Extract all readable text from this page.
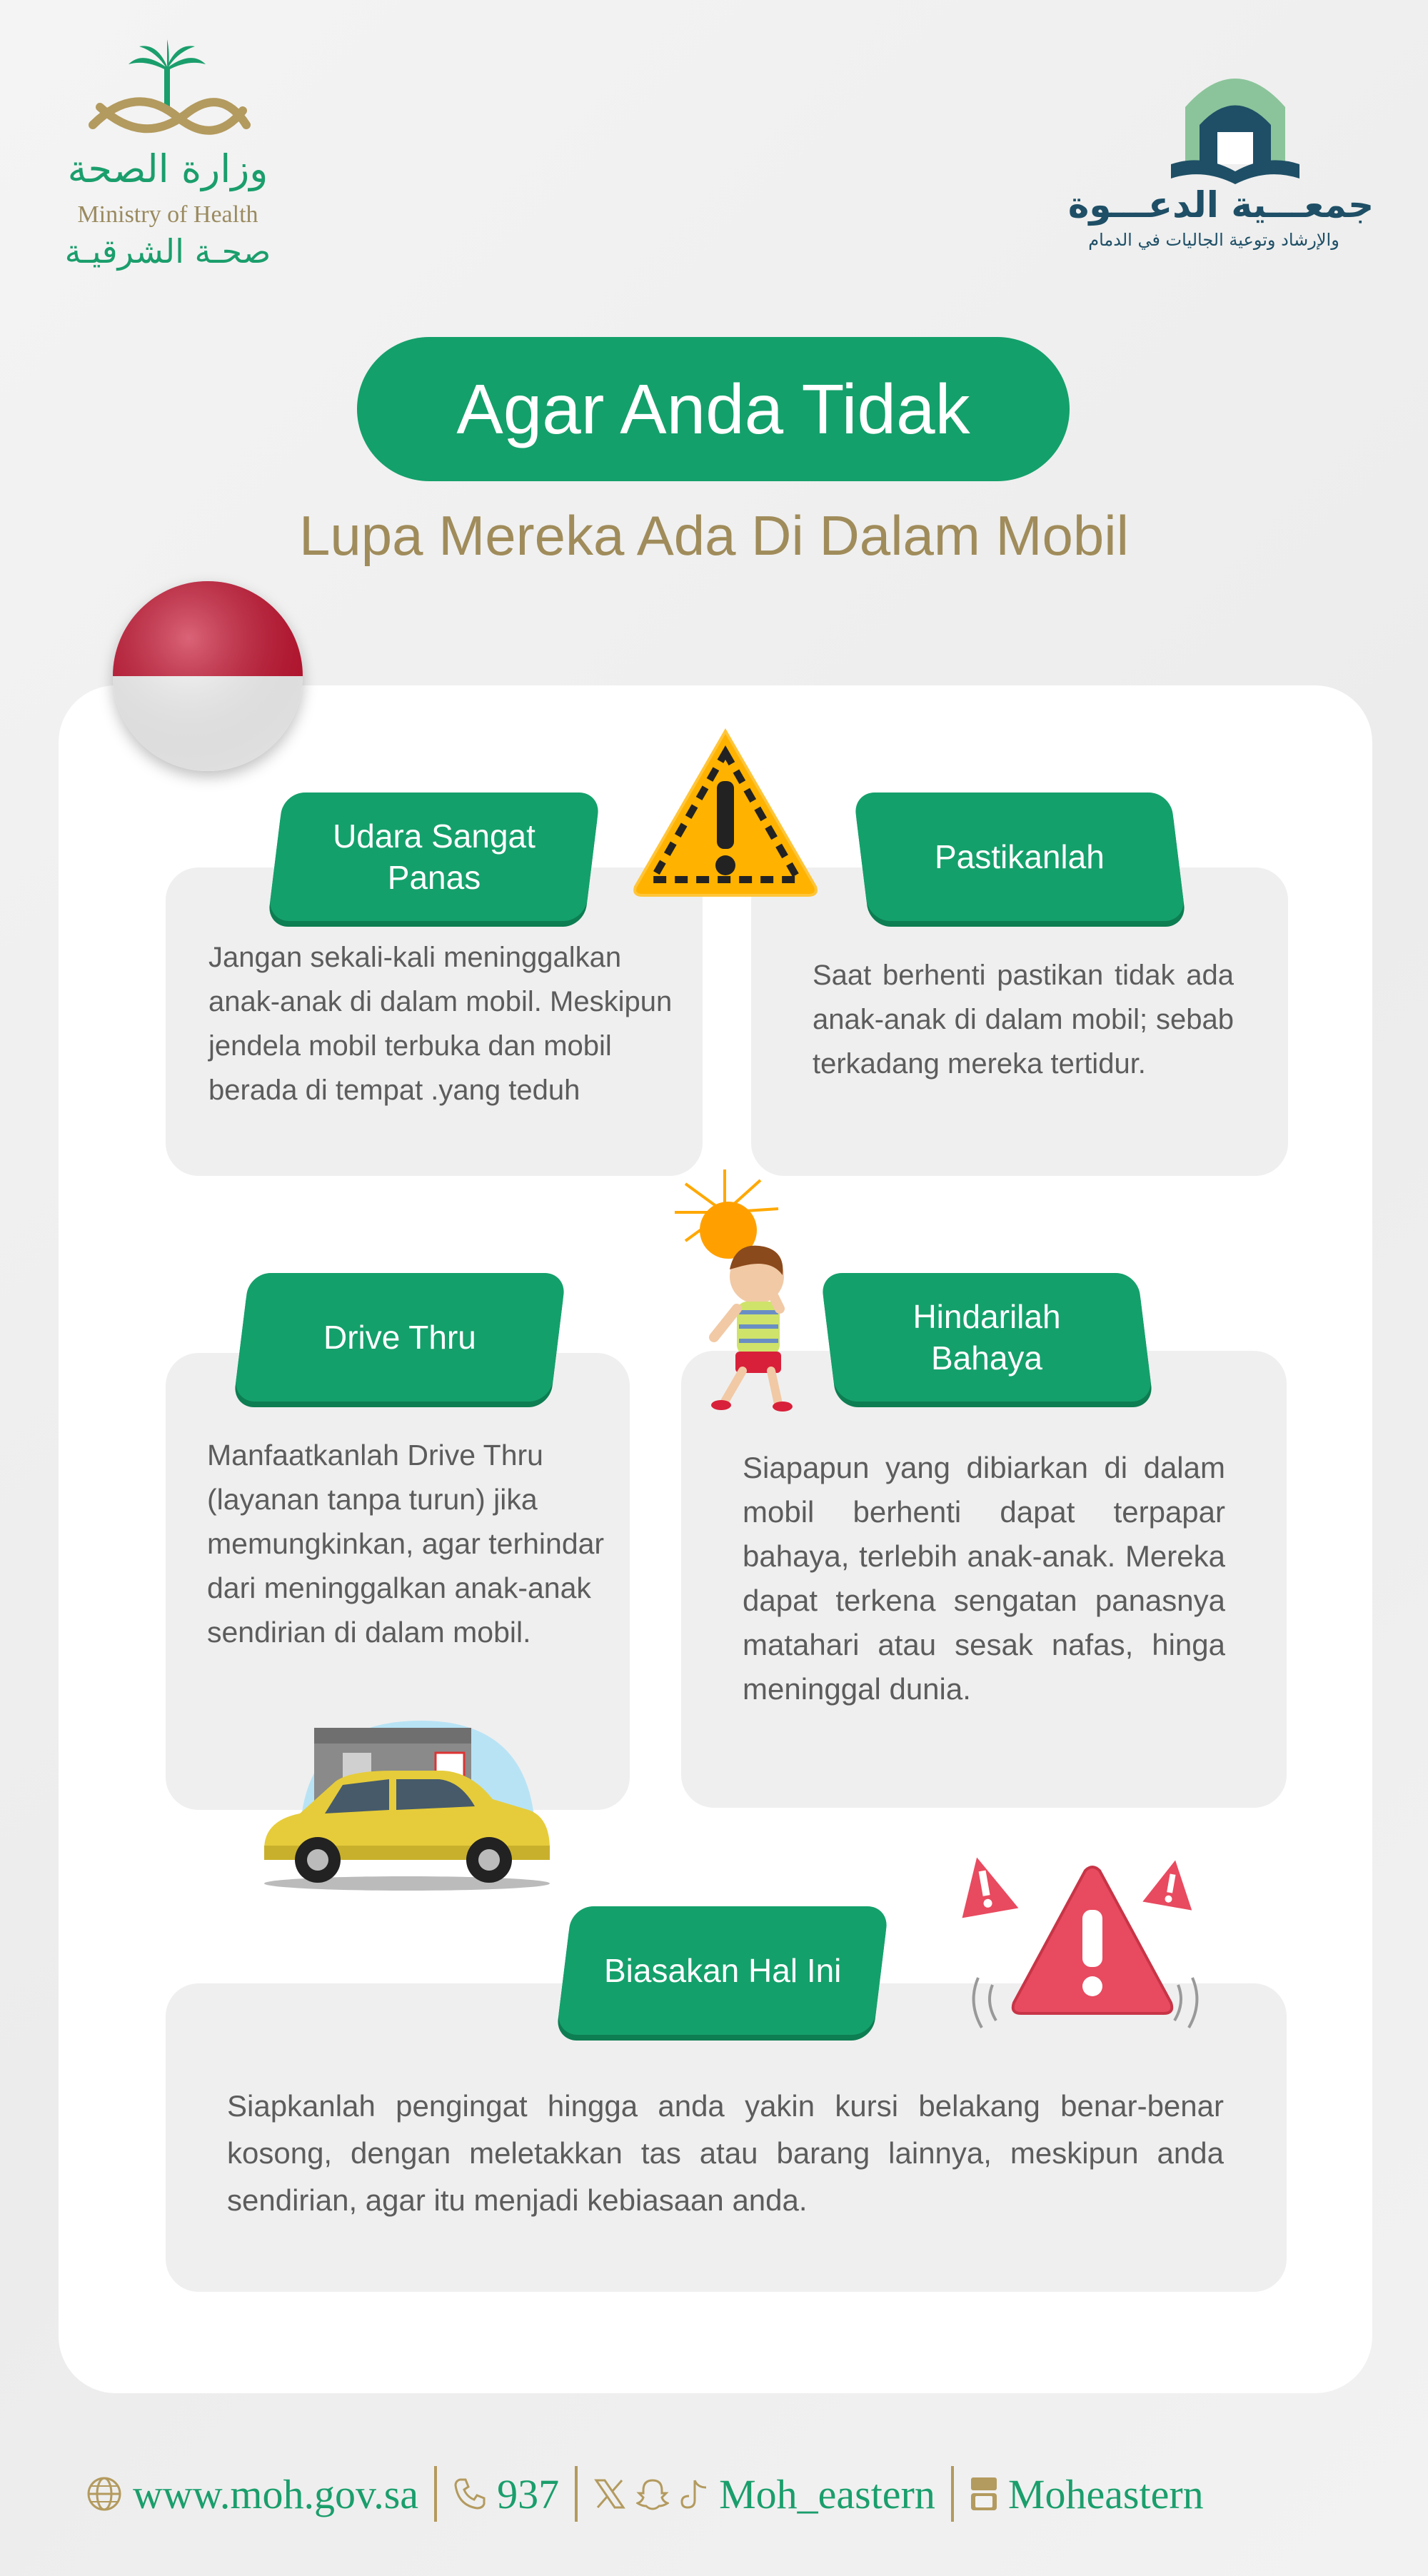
وزارة الصحة
Ministry of Health
صحـة الشرقيـة
جمعـــية الدعـــوة
والإرشاد وتوعية الجاليات في الدمام
Agar Anda Tidak
Lupa Mereka Ada Di Dalam Mobil
Udara Sangat Panas
Pastikanlah
Drive Thru
Hindarilah Bahaya
Biasakan Hal Ini
Jangan sekali-kali meninggalkan anak-anak di dalam mobil. Meskipun jendela mobil terbuka dan mobil berada di tempat .yang teduh
Saat berhenti pastikan tidak ada anak-anak di dalam mobil; sebab terkadang mereka tertidur.
Manfaatkanlah Drive Thru (layanan tanpa turun) jika memungkinkan, agar terhindar dari meninggalkan anak-anak sendirian di dalam mobil.
Siapapun yang dibiarkan di dalam mobil berhenti dapat terpapar bahaya, terlebih anak-anak. Mereka dapat terkena sengatan panasnya matahari atau sesak nafas, hinga meninggal dunia.
Siapkanlah pengingat hingga anda yakin kursi belakang benar-benar kosong, dengan meletakkan tas atau barang lainnya, meskipun anda sendirian, agar itu menjadi kebiasaan anda.
www.moh.gov.sa 937	Moh_eastern Moheastern
